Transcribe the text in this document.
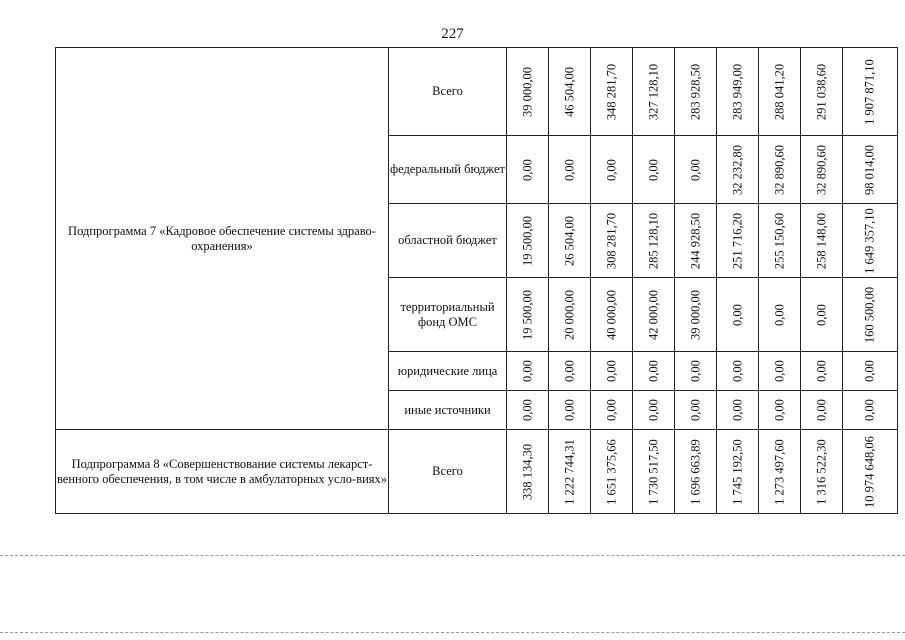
227
Подпрограмма 7 «Кадровое обеспечение системы здраво-охранения»	Всего	39 000,00	46 504,00	348 281,70	327 128,10	283 928,50	283 949,00	288 041,20	291 038,60	1 907 871,10

	федеральный бюджет	0,00	0,00	0,00	0,00	0,00	32 232,80	32 890,60	32 890,60	98 014,00

	областной бюджет	19 500,00	26 504,00	308 281,70	285 128,10	244 928,50	251 716,20	255 150,60	258 148,00	1 649 357,10

	территориальный фонд ОМС	19 500,00	20 000,00	40 000,00	42 000,00	39 000,00	0,00	0,00	0,00	160 500,00

	юридические лица	0,00	0,00	0,00	0,00	0,00	0,00	0,00	0,00	0,00

	иные источники	0,00	0,00	0,00	0,00	0,00	0,00	0,00	0,00	0,00

Подпрограмма 8 «Совершенствование системы лекарст-венного обеспечения, в том числе в амбулаторных усло-виях»	Всего	338 134,30	1 222 744,31	1 651 375,66	1 730 517,50	1 696 663,89	1 745 192,50	1 273 497,60	1 316 522,30	10 974 648,06
